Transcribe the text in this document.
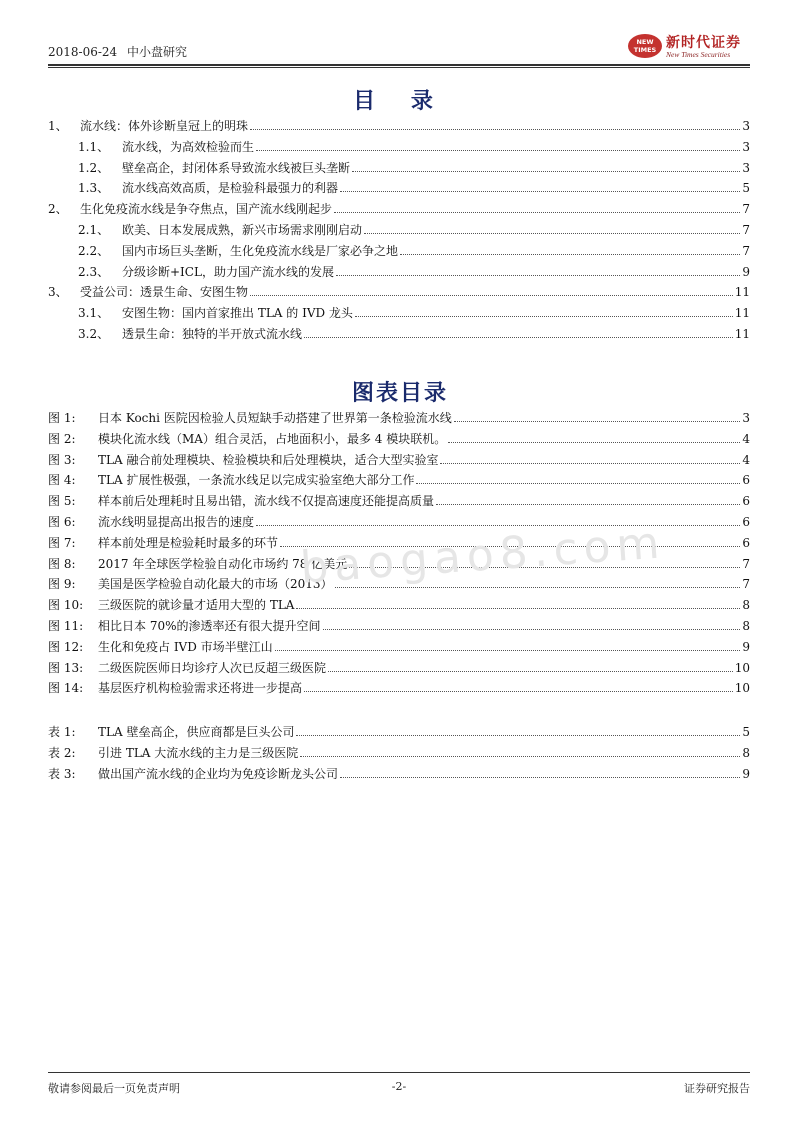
2018-06-24 中小盘研究
NEW TIMES 新时代证券
New Times Securities
目 录
1、	流水线：体外诊断皇冠上的明珠	3
1.1、	流水线，为高效检验而生	3
1.2、	壁垒高企，封闭体系导致流水线被巨头垄断	3
1.3、	流水线高效高质，是检验科最强力的利器	5
2、	生化免疫流水线是争夺焦点，国产流水线刚起步	7
2.1、	欧美、日本发展成熟，新兴市场需求刚刚启动	7
2.2、	国内市场巨头垄断，生化免疫流水线是厂家必争之地	7
2.3、	分级诊断+ICL，助力国产流水线的发展	9
3、	受益公司：透景生命、安图生物	11
3.1、	安图生物：国内首家推出 TLA 的 IVD 龙头	11
3.2、	透景生命：独特的半开放式流水线	11
图表目录
图 1:	日本 Kochi 医院因检验人员短缺手动搭建了世界第一条检验流水线	3
图 2:	模块化流水线（MA）组合灵活，占地面积小，最多 4 模块联机。	4
图 3:	TLA 融合前处理模块、检验模块和后处理模块，适合大型实验室	4
图 4:	TLA 扩展性极强，一条流水线足以完成实验室绝大部分工作	6
图 5:	样本前后处理耗时且易出错，流水线不仅提高速度还能提高质量	6
图 6:	流水线明显提高出报告的速度	6
图 7:	样本前处理是检验耗时最多的环节	6
图 8:	2017 年全球医学检验自动化市场约 78 亿美元	7
图 9:	美国是医学检验自动化最大的市场（2013）	7
图 10:	三级医院的就诊量才适用大型的 TLA	8
图 11:	相比日本 70%的渗透率还有很大提升空间	8
图 12:	生化和免疫占 IVD 市场半壁江山	9
图 13:	二级医院医师日均诊疗人次已反超三级医院	10
图 14:	基层医疗机构检验需求还将进一步提高	10
表 1:	TLA 壁垒高企，供应商都是巨头公司	5
表 2:	引进 TLA 大流水线的主力是三级医院	8
表 3:	做出国产流水线的企业均为免疫诊断龙头公司	9
baogao8.com
敬请参阅最后一页免责声明	-2-	证券研究报告
